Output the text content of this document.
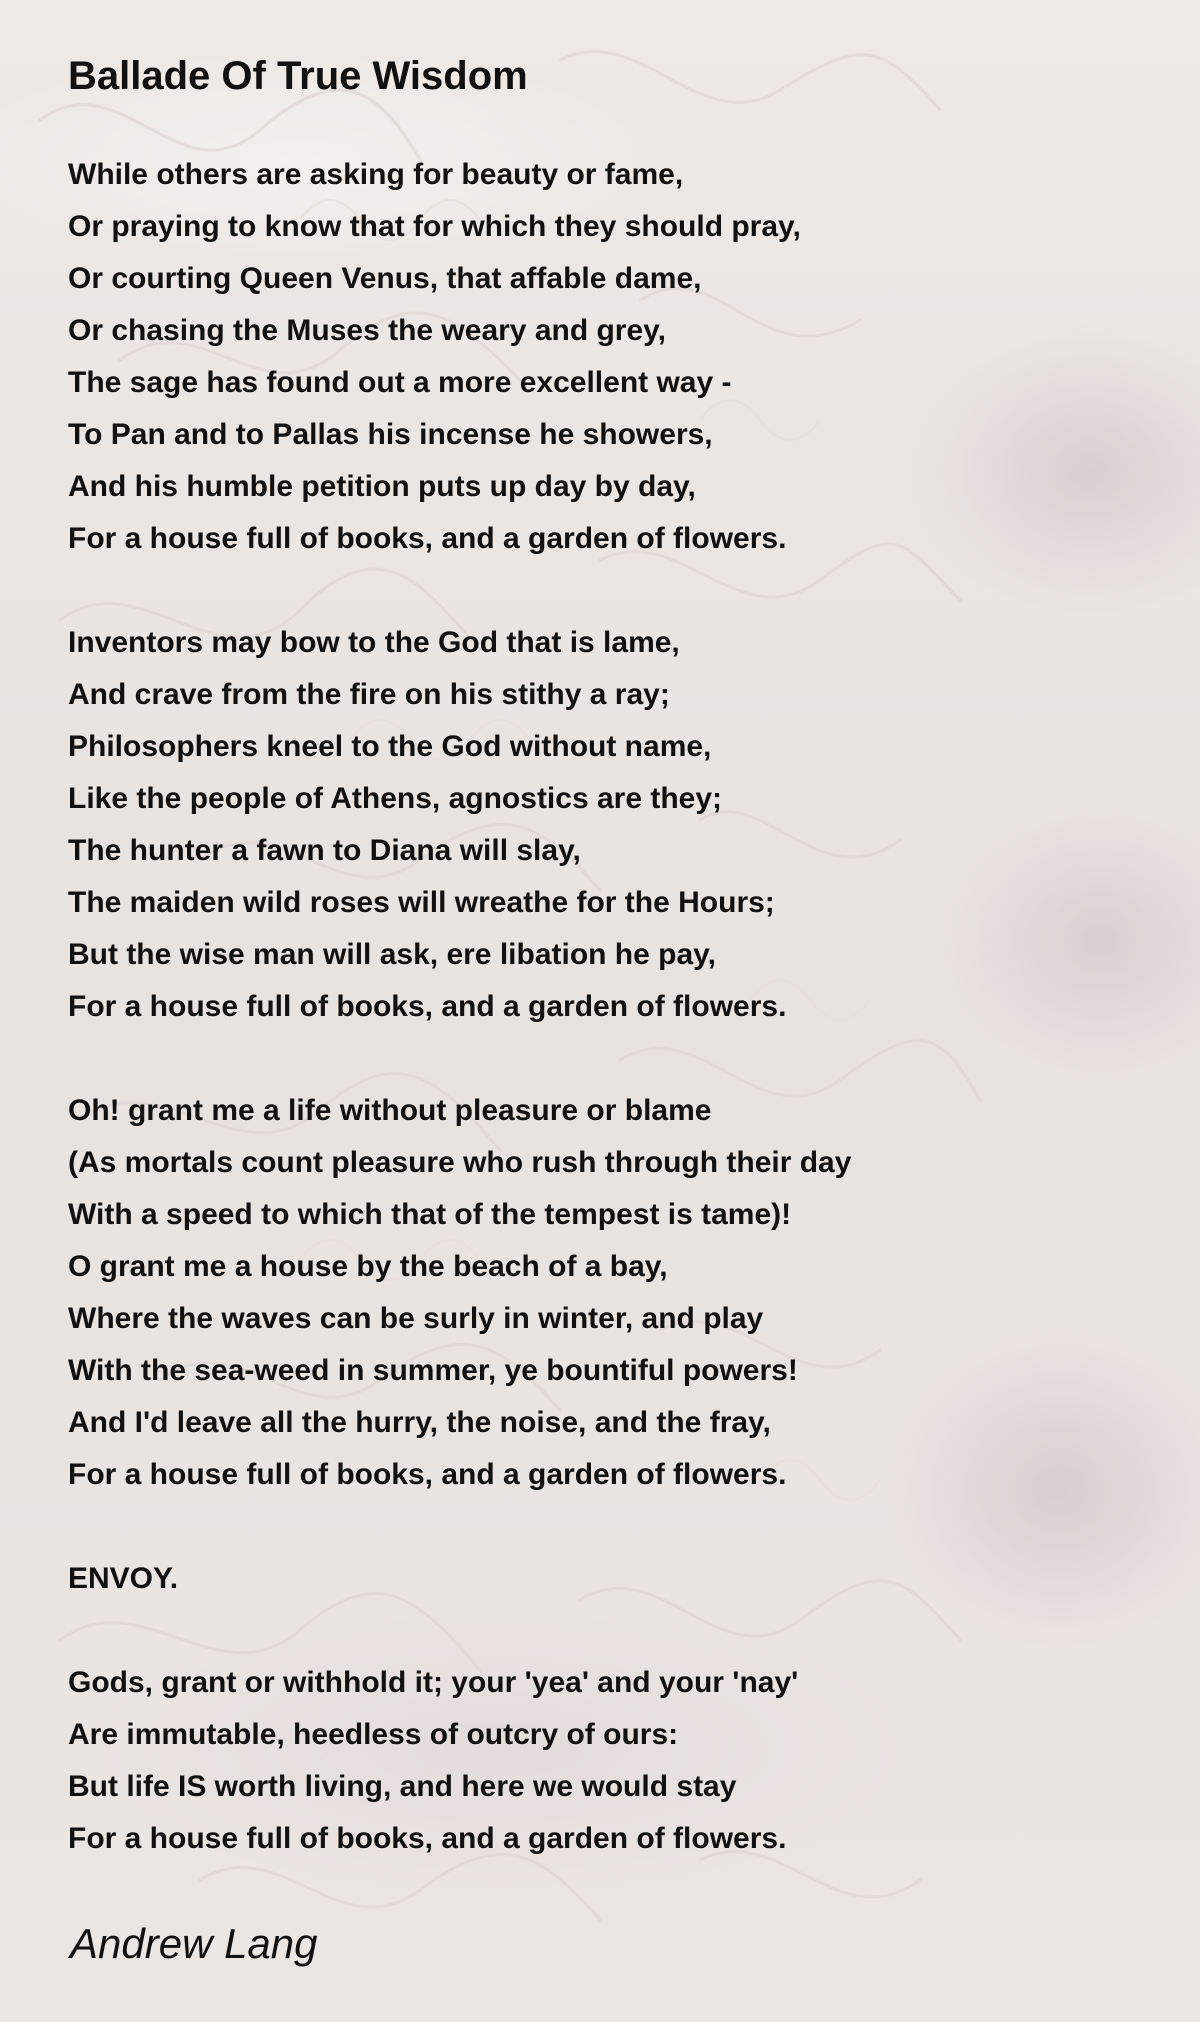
Ballade Of True Wisdom
While others are asking for beauty or fame,
Or praying to know that for which they should pray,
Or courting Queen Venus, that affable dame,
Or chasing the Muses the weary and grey,
The sage has found out a more excellent way -
To Pan and to Pallas his incense he showers,
And his humble petition puts up day by day,
For a house full of books, and a garden of flowers.
Inventors may bow to the God that is lame,
And crave from the fire on his stithy a ray;
Philosophers kneel to the God without name,
Like the people of Athens, agnostics are they;
The hunter a fawn to Diana will slay,
The maiden wild roses will wreathe for the Hours;
But the wise man will ask, ere libation he pay,
For a house full of books, and a garden of flowers.
Oh! grant me a life without pleasure or blame
(As mortals count pleasure who rush through their day
With a speed to which that of the tempest is tame)!
O grant me a house by the beach of a bay,
Where the waves can be surly in winter, and play
With the sea-weed in summer, ye bountiful powers!
And I'd leave all the hurry, the noise, and the fray,
For a house full of books, and a garden of flowers.
ENVOY.
Gods, grant or withhold it; your 'yea' and your 'nay'
Are immutable, heedless of outcry of ours:
But life IS worth living, and here we would stay
For a house full of books, and a garden of flowers.

Andrew Lang
